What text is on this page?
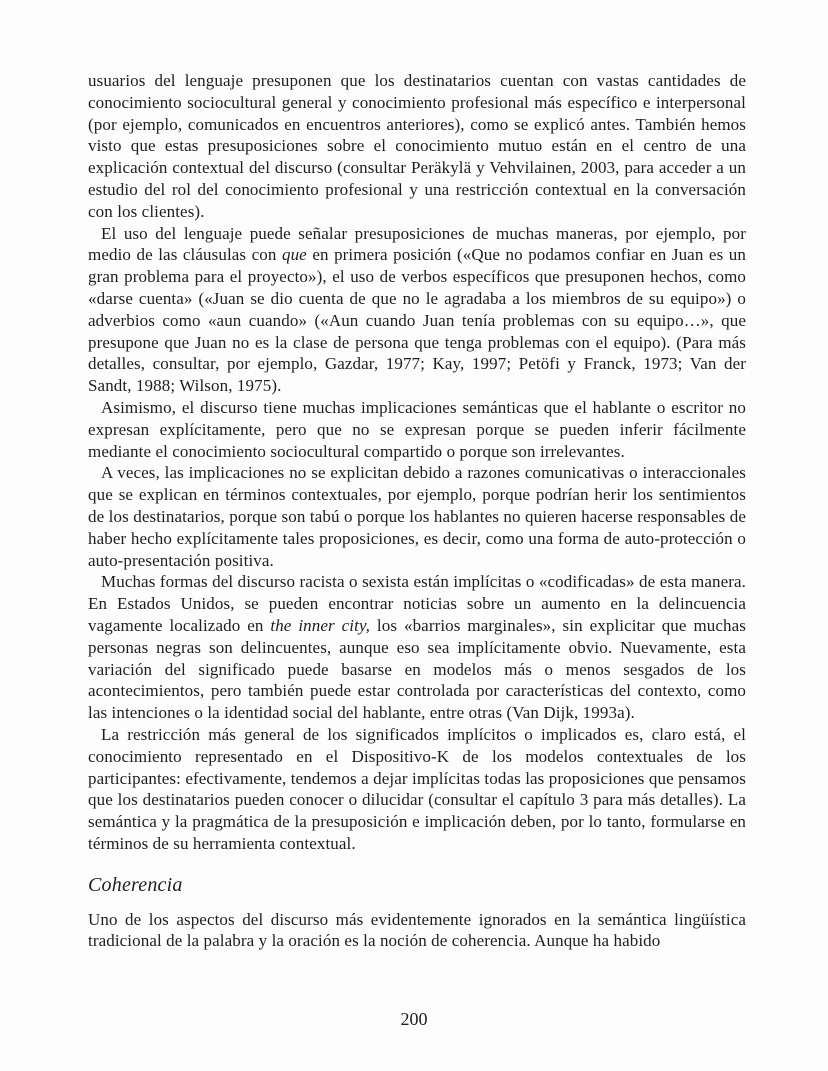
usuarios del lenguaje presuponen que los destinatarios cuentan con vastas cantidades de conocimiento sociocultural general y conocimiento profesional más específico e interpersonal (por ejemplo, comunicados en encuentros anteriores), como se explicó antes. También hemos visto que estas presuposiciones sobre el conocimiento mutuo están en el centro de una explicación contextual del discurso (consultar Peräkylä y Vehvilainen, 2003, para acceder a un estudio del rol del conocimiento profesional y una restricción contextual en la conversación con los clientes).

El uso del lenguaje puede señalar presuposiciones de muchas maneras, por ejemplo, por medio de las cláusulas con que en primera posición («Que no podamos confiar en Juan es un gran problema para el proyecto»), el uso de verbos específicos que presuponen hechos, como «darse cuenta» («Juan se dio cuenta de que no le agradaba a los miembros de su equipo») o adverbios como «aun cuando» («Aun cuando Juan tenía problemas con su equipo…», que presupone que Juan no es la clase de persona que tenga problemas con el equipo). (Para más detalles, consultar, por ejemplo, Gazdar, 1977; Kay, 1997; Petöfi y Franck, 1973; Van der Sandt, 1988; Wilson, 1975).

Asimismo, el discurso tiene muchas implicaciones semánticas que el hablante o escritor no expresan explícitamente, pero que no se expresan porque se pueden inferir fácilmente mediante el conocimiento sociocultural compartido o porque son irrelevantes.

A veces, las implicaciones no se explicitan debido a razones comunicativas o interaccionales que se explican en términos contextuales, por ejemplo, porque podrían herir los sentimientos de los destinatarios, porque son tabú o porque los hablantes no quieren hacerse responsables de haber hecho explícitamente tales proposiciones, es decir, como una forma de auto-protección o auto-presentación positiva.

Muchas formas del discurso racista o sexista están implícitas o «codificadas» de esta manera. En Estados Unidos, se pueden encontrar noticias sobre un aumento en la delincuencia vagamente localizado en the inner city, los «barrios marginales», sin explicitar que muchas personas negras son delincuentes, aunque eso sea implícitamente obvio. Nuevamente, esta variación del significado puede basarse en modelos más o menos sesgados de los acontecimientos, pero también puede estar controlada por características del contexto, como las intenciones o la identidad social del hablante, entre otras (Van Dijk, 1993a).

La restricción más general de los significados implícitos o implicados es, claro está, el conocimiento representado en el Dispositivo-K de los modelos contextuales de los participantes: efectivamente, tendemos a dejar implícitas todas las proposiciones que pensamos que los destinatarios pueden conocer o dilucidar (consultar el capítulo 3 para más detalles). La semántica y la pragmática de la presuposición e implicación deben, por lo tanto, formularse en términos de su herramienta contextual.

Coherencia

Uno de los aspectos del discurso más evidentemente ignorados en la semántica lingüística tradicional de la palabra y la oración es la noción de coherencia. Aunque ha habido

200
